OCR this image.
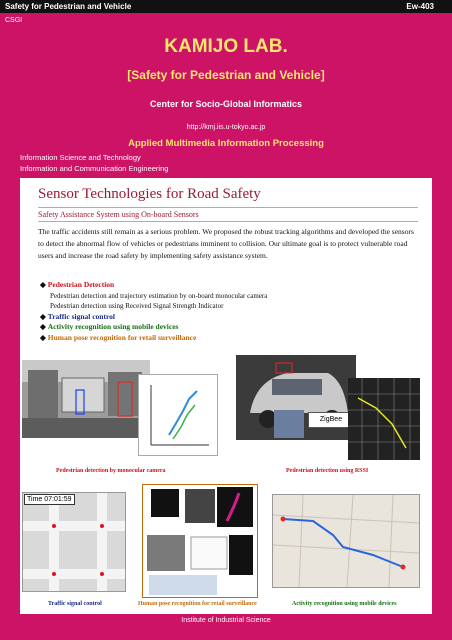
Safety for Pedestrian and Vehicle	Ew-403
CSGI
KAMIJO LAB.
[Safety for Pedestrian and Vehicle]
Center for Socio-Global Informatics
http://kmj.iis.u-tokyo.ac.jp
Applied Multimedia Information Processing
Information Science and Technology
Information and Communication Engineering
Sensor Technologies for Road Safety
Safety Assistance System using On-board Sensors
The traffic accidents still remain as a serious problem. We proposed the robust tracking algorithms and developed the sensors to detect the abnormal flow of vehicles or pedestrians imminent to collision. Our ultimate goal is to protect vulnerable road users and increase the road safety by implementing safety assistance system.
◆ Pedestrian Detection
Pedestrian detection and trajectory estimation by on-board monocular camera
Pedestrian detection using Received Signal Strength Indicator
◆ Traffic signal control
◆ Activity recognition using mobile devices
◆ Human pose recognition for retail surveillance
ZigBee
Pedestrian detection by monocular camera	Pedestrian detection using RSSI
Time 07:01:59
Traffic signal control	Human pose recognition for retail surveillance	Activity recognition using mobile devices
Institute of Industrial Science
